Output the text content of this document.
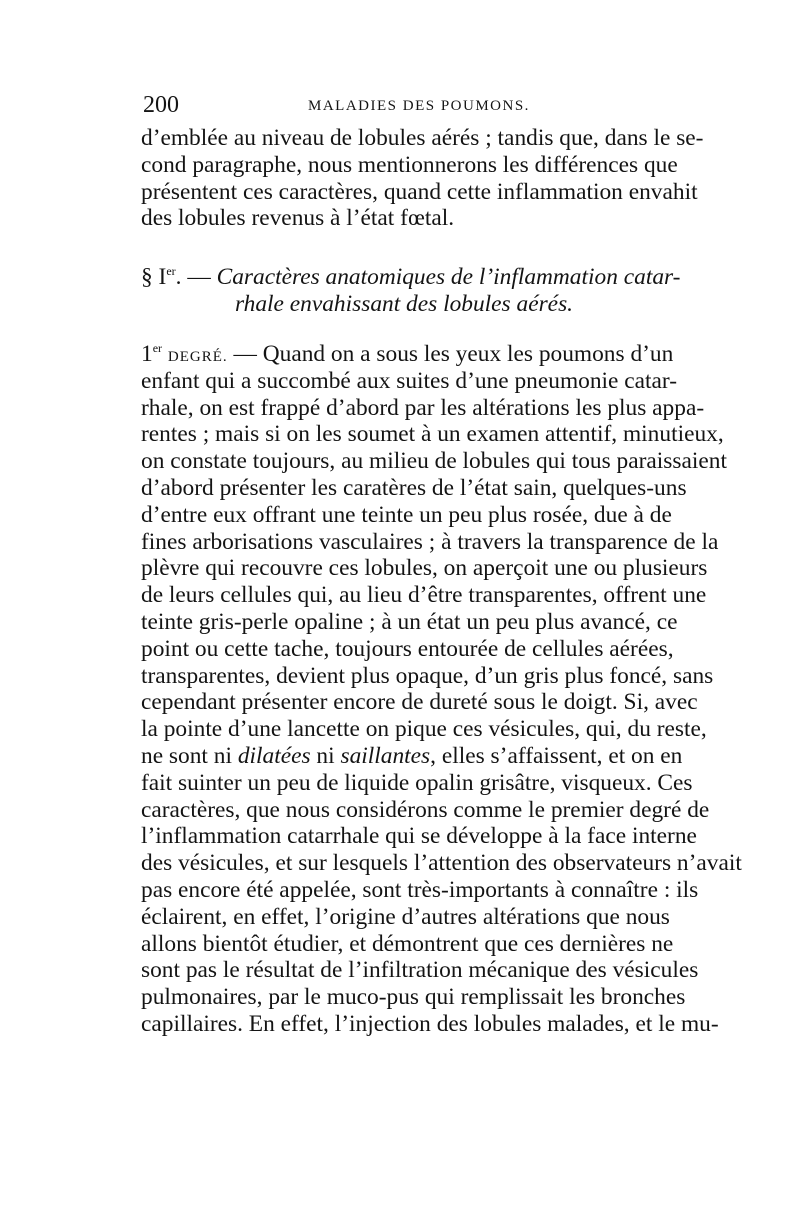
200	MALADIES DES POUMONS.
d’emblée au niveau de lobules aérés ; tandis que, dans le se-
cond paragraphe, nous mentionnerons les différences que
présentent ces caractères, quand cette inflammation envahit
des lobules revenus à l’état fœtal.
§ Ier. — Caractères anatomiques de l’inflammation catar-
rhale envahissant des lobules aérés.
1er DEGRÉ. — Quand on a sous les yeux les poumons d’un
enfant qui a succombé aux suites d’une pneumonie catar-
rhale, on est frappé d’abord par les altérations les plus appa-
rentes ; mais si on les soumet à un examen attentif, minutieux,
on constate toujours, au milieu de lobules qui tous paraissaient
d’abord présenter les caratères de l’état sain, quelques-uns
d’entre eux offrant une teinte un peu plus rosée, due à de
fines arborisations vasculaires ; à travers la transparence de la
plèvre qui recouvre ces lobules, on aperçoit une ou plusieurs
de leurs cellules qui, au lieu d’être transparentes, offrent une
teinte gris-perle opaline ; à un état un peu plus avancé, ce
point ou cette tache, toujours entourée de cellules aérées,
transparentes, devient plus opaque, d’un gris plus foncé, sans
cependant présenter encore de dureté sous le doigt. Si, avec
la pointe d’une lancette on pique ces vésicules, qui, du reste,
ne sont ni dilatées ni saillantes, elles s’affaissent, et on en
fait suinter un peu de liquide opalin grisâtre, visqueux. Ces
caractères, que nous considérons comme le premier degré de
l’inflammation catarrhale qui se développe à la face interne
des vésicules, et sur lesquels l’attention des observateurs n’avait
pas encore été appelée, sont très-importants à connaître : ils
éclairent, en effet, l’origine d’autres altérations que nous
allons bientôt étudier, et démontrent que ces dernières ne
sont pas le résultat de l’infiltration mécanique des vésicules
pulmonaires, par le muco-pus qui remplissait les bronches
capillaires. En effet, l’injection des lobules malades, et le mu-
